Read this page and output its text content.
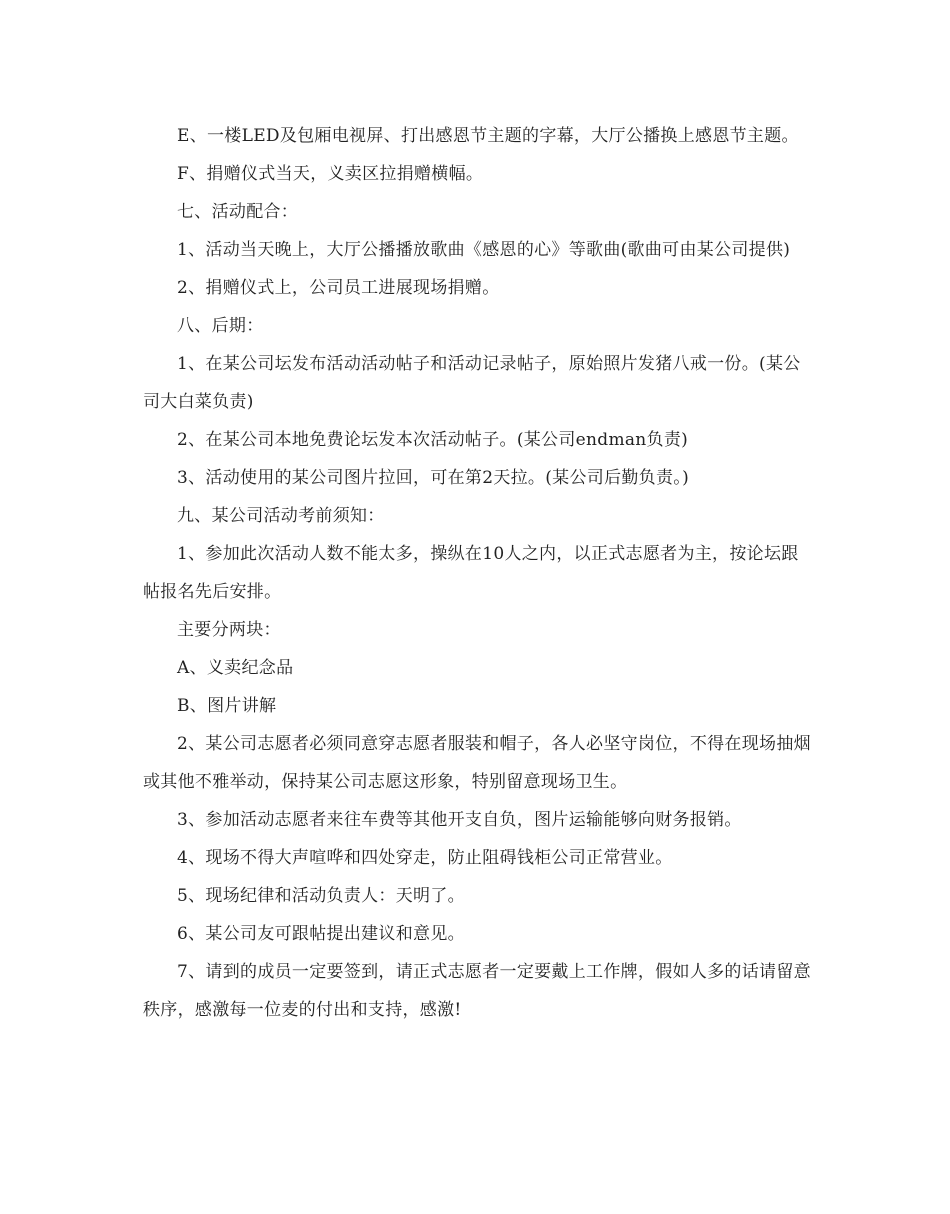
E、一楼LED及包厢电视屏、打出感恩节主题的字幕，大厅公播换上感恩节主题。

F、捐赠仪式当天，义卖区拉捐赠横幅。

七、活动配合：

1、活动当天晚上，大厅公播播放歌曲《感恩的心》等歌曲(歌曲可由某公司提供)

2、捐赠仪式上，公司员工进展现场捐赠。

八、后期：

1、在某公司坛发布活动活动帖子和活动记录帖子，原始照片发猪八戒一份。(某公司大白菜负责)

2、在某公司本地免费论坛发本次活动帖子。(某公司endman负责)

3、活动使用的某公司图片拉回，可在第2天拉。(某公司后勤负责。)

九、某公司活动考前须知：

1、参加此次活动人数不能太多，操纵在10人之内，以正式志愿者为主，按论坛跟帖报名先后安排。

主要分两块：

A、义卖纪念品

B、图片讲解

2、某公司志愿者必须同意穿志愿者服装和帽子，各人必坚守岗位，不得在现场抽烟或其他不雅举动，保持某公司志愿这形象，特别留意现场卫生。

3、参加活动志愿者来往车费等其他开支自负，图片运输能够向财务报销。

4、现场不得大声喧哗和四处穿走，防止阻碍钱柜公司正常营业。

5、现场纪律和活动负责人：天明了。

6、某公司友可跟帖提出建议和意见。

7、请到的成员一定要签到，请正式志愿者一定要戴上工作牌，假如人多的话请留意秩序，感激每一位麦的付出和支持，感激!
